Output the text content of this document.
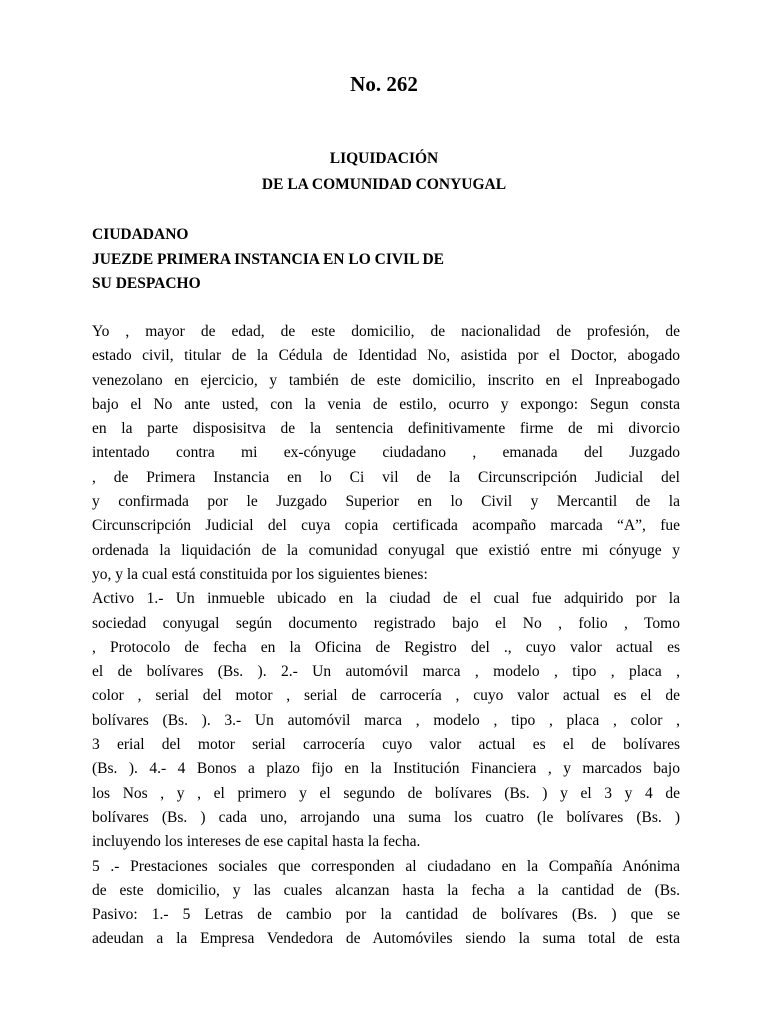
No. 262
LIQUIDACIÓN
DE LA COMUNIDAD CONYUGAL
CIUDADANO
JUEZDE PRIMERA INSTANCIA EN LO CIVIL DE
SU DESPACHO
Yo , mayor de edad, de este domicilio, de nacionalidad de profesión, de
estado civil, titular de la Cédula de Identidad No, asistida por el Doctor, abogado
venezolano en ejercicio, y también de este domicilio, inscrito en el Inpreabogado
bajo el No ante usted, con la venia de estilo, ocurro y expongo: Segun consta
en la parte disposisitva de la sentencia definitivamente firme de mi divorcio
intentado contra mi ex-cónyuge ciudadano , emanada del Juzgado
, de Primera Instancia en lo Ci vil de la Circunscripción Judicial del
y confirmada por le Juzgado Superior en lo Civil y Mercantil de la
Circunscripción Judicial del cuya copia certificada acompaño marcada “A”, fue
ordenada la liquidación de la comunidad conyugal que existió entre mi cónyuge y
yo, y la cual está constituida por los siguientes bienes:
Activo 1.- Un inmueble ubicado en la ciudad de el cual fue adquirido por la
sociedad conyugal según documento registrado bajo el No , folio , Tomo
, Protocolo de fecha en la Oficina de Registro del ., cuyo valor actual es
el de bolívares (Bs. ). 2.- Un automóvil marca , modelo , tipo , placa ,
color , serial del motor , serial de carrocería , cuyo valor actual es el de
bolívares (Bs. ). 3.- Un automóvil marca , modelo , tipo , placa , color ,
3 erial del motor serial carrocería cuyo valor actual es el de bolívares
(Bs. ). 4.- 4 Bonos a plazo fijo en la Institución Financiera , y marcados bajo
los Nos , y , el primero y el segundo de bolívares (Bs. ) y el 3 y 4 de
bolívares (Bs. ) cada uno, arrojando una suma los cuatro (le bolívares (Bs. )
incluyendo los intereses de ese capital hasta la fecha.
5 .- Prestaciones sociales que corresponden al ciudadano en la Compañía Anónima
de este domicilio, y las cuales alcanzan hasta la fecha a la cantidad de (Bs.
Pasivo: 1.- 5 Letras de cambio por la cantidad de bolívares (Bs. ) que se
adeudan a la Empresa Vendedora de Automóviles siendo la suma total de esta
